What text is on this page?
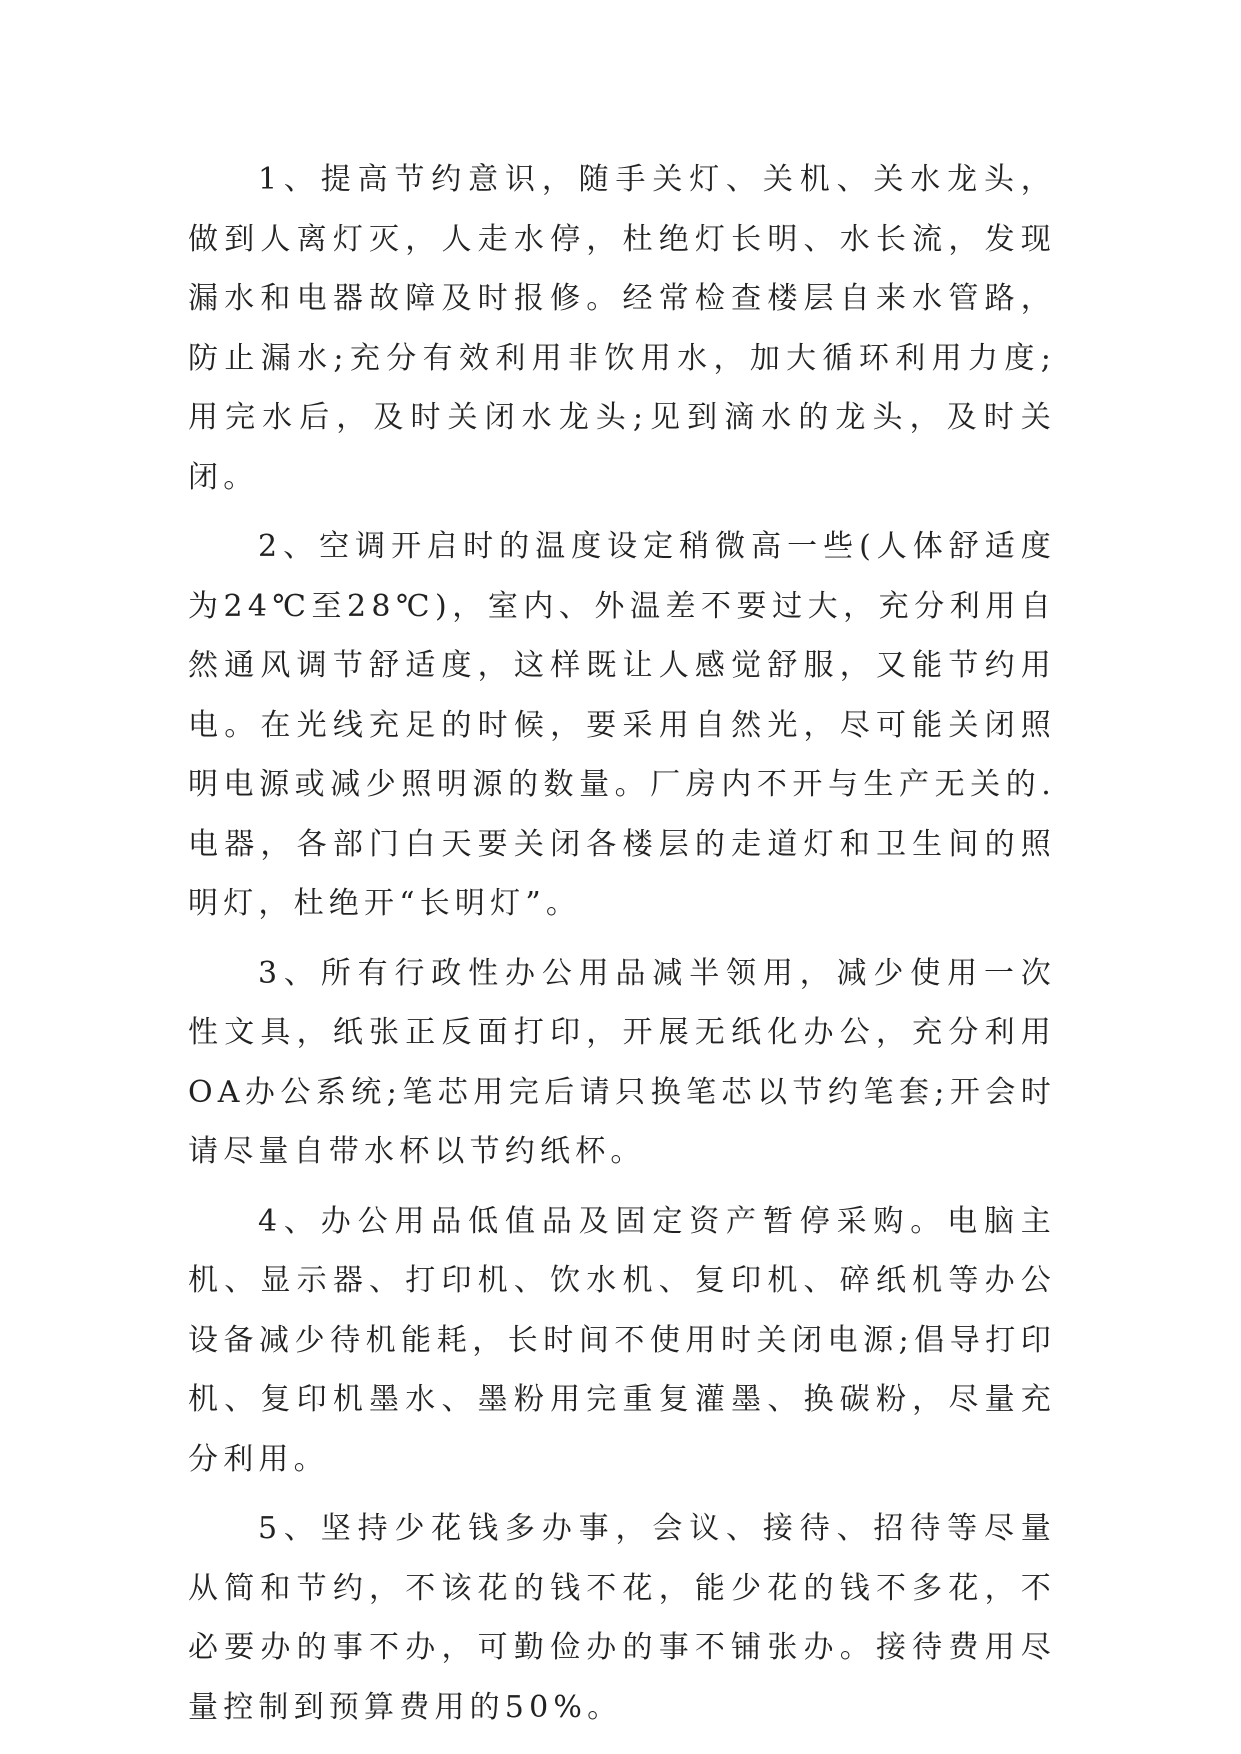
1、提高节约意识，随手关灯、关机、关水龙头，做到人离灯灭，人走水停，杜绝灯长明、水长流，发现漏水和电器故障及时报修。经常检查楼层自来水管路，防止漏水;充分有效利用非饮用水，加大循环利用力度;用完水后，及时关闭水龙头;见到滴水的龙头，及时关闭。

2、空调开启时的温度设定稍微高一些(人体舒适度为24℃至28℃)，室内、外温差不要过大，充分利用自然通风调节舒适度，这样既让人感觉舒服，又能节约用电。在光线充足的时候，要采用自然光，尽可能关闭照明电源或减少照明源的数量。厂房内不开与生产无关的.电器，各部门白天要关闭各楼层的走道灯和卫生间的照明灯，杜绝开“长明灯”。

3、所有行政性办公用品减半领用，减少使用一次性文具，纸张正反面打印，开展无纸化办公，充分利用OA办公系统;笔芯用完后请只换笔芯以节约笔套;开会时请尽量自带水杯以节约纸杯。

4、办公用品低值品及固定资产暂停采购。电脑主机、显示器、打印机、饮水机、复印机、碎纸机等办公设备减少待机能耗，长时间不使用时关闭电源;倡导打印机、复印机墨水、墨粉用完重复灌墨、换碳粉，尽量充分利用。

5、坚持少花钱多办事，会议、接待、招待等尽量从简和节约，不该花的钱不花，能少花的钱不多花，不必要办的事不办，可勤俭办的事不铺张办。接待费用尽量控制到预算费用的50%。
